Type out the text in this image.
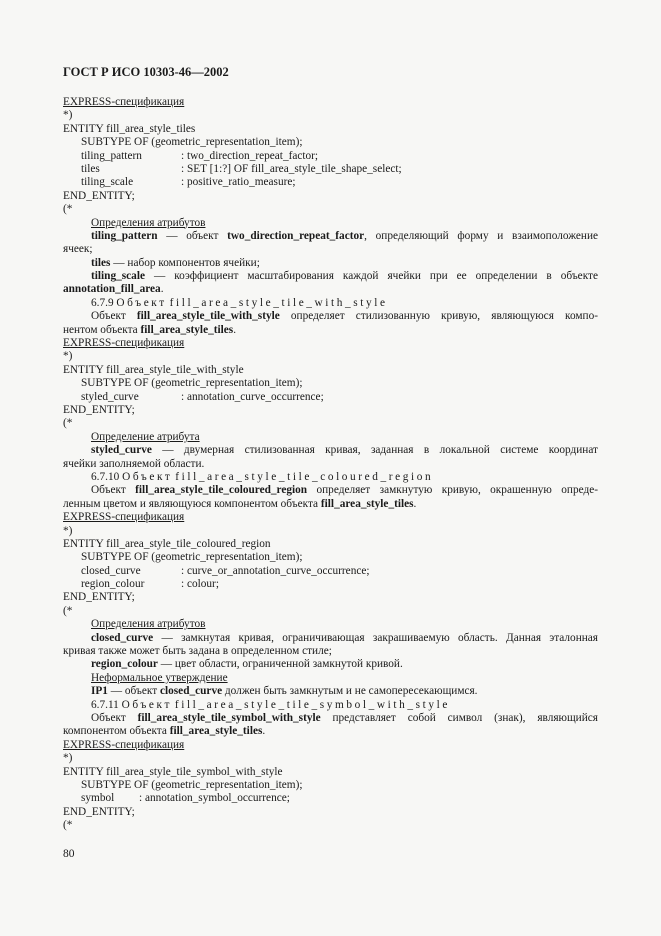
ГОСТ Р ИСО 10303-46—2002
EXPRESS-спецификация
*)
ENTITY fill_area_style_tiles
SUBTYPE OF (geometric_representation_item);
tiling_pattern	: two_direction_repeat_factor;
tiles	: SET [1:?] OF fill_area_style_tile_shape_select;
tiling_scale	: positive_ratio_measure;
END_ENTITY;
(*
Определения атрибутов
tiling_pattern — объект two_direction_repeat_factor, определяющий форму и взаимоположение
ячеек;
tiles — набор компонентов ячейки;
tiling_scale — коэффициент масштабирования каждой ячейки при ее определении в объекте
annotation_fill_area.
6.7.9 Объект fill_area_style_tile_with_style
Объект fill_area_style_tile_with_style определяет стилизованную кривую, являющуюся компо-
нентом объекта fill_area_style_tiles.
EXPRESS-спецификация
*)
ENTITY fill_area_style_tile_with_style
SUBTYPE OF (geometric_representation_item);
styled_curve	: annotation_curve_occurrence;
END_ENTITY;
(*
Определение атрибута
styled_curve — двумерная стилизованная кривая, заданная в локальной системе координат
ячейки заполняемой области.
6.7.10 Объект fill_area_style_tile_coloured_region
Объект fill_area_style_tile_coloured_region определяет замкнутую кривую, окрашенную опреде-
ленным цветом и являющуюся компонентом объекта fill_area_style_tiles.
EXPRESS-спецификация
*)
ENTITY fill_area_style_tile_coloured_region
SUBTYPE OF (geometric_representation_item);
closed_curve	: curve_or_annotation_curve_occurrence;
region_colour	: colour;
END_ENTITY;
(*
Определения атрибутов
closed_curve — замкнутая кривая, ограничивающая закрашиваемую область. Данная эталонная
кривая также может быть задана в определенном стиле;
region_colour — цвет области, ограниченной замкнутой кривой.
Неформальное утверждение
IP1 — объект closed_curve должен быть замкнутым и не самопересекающимся.
6.7.11 Объект fill_area_style_tile_symbol_with_style
Объект fill_area_style_tile_symbol_with_style представляет собой символ (знак), являющийся
компонентом объекта fill_area_style_tiles.
EXPRESS-спецификация
*)
ENTITY fill_area_style_tile_symbol_with_style
SUBTYPE OF (geometric_representation_item);
symbol : annotation_symbol_occurrence;
END_ENTITY;
(*
80
